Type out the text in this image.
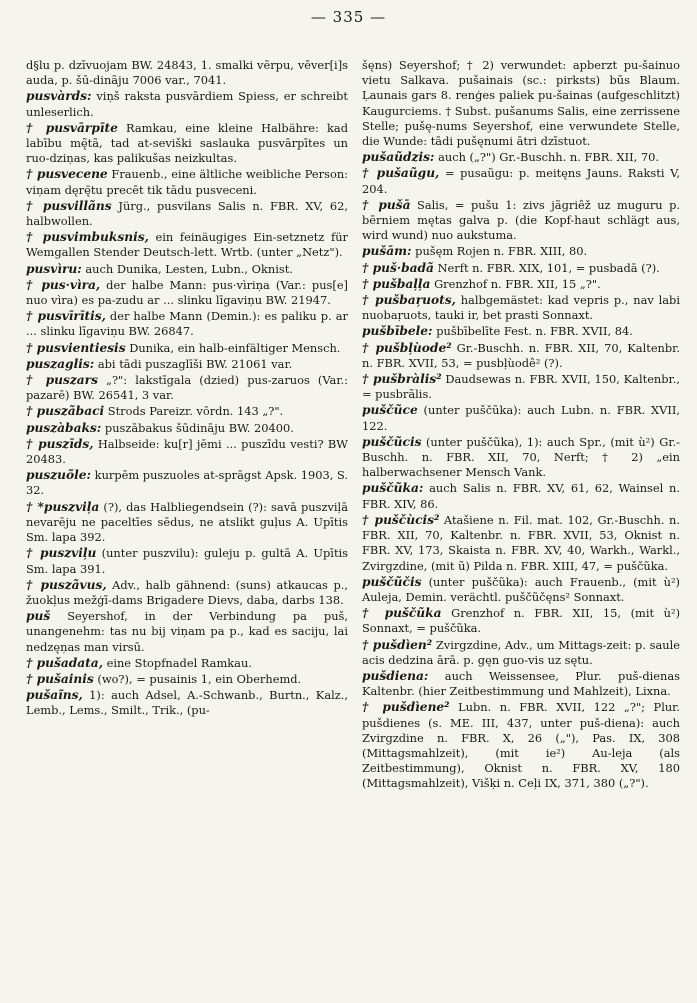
— 335 —

d§lu p. dzīvuojam BW. 24843, 1. smalki vērpu, vēver[i]s auda, p. šū-dinãju 7006 var., 7041.

pusvàrds: viņš raksta pusvārdiem Spiess, er schreibt unleserlich.

† pusvārpīte Ramkau, eine kleine Halbähre: kad labību mę̃tã, tad at-seviški saslauka pusvārpītes un ruo-dziņas, kas palikušas neizkultas.

† pusvecene Frauenb., eine ältliche weibliche Person: viņam dęrę̄tu precēt tik tādu pusveceni.

† pusvillãns Jürg., pusvilans Salis n. FBR. XV, 62, halbwollen.

† pusvimbuksnis, ein feinäugiges Ein-setznetz für Wemgallen Stender Deutsch-lett. Wrtb. (unter „Netz").

pusvìru: auch Dunika, Lesten, Lubn., Oknist.

† pus·vìra, der halbe Mann: pus·vìriņa (Var.: pus[e] nuo vìra) es pa-zudu ar ... slinku līgaviņu BW. 21947.

† pusvīrītis, der halbe Mann (Demin.): es paliku p. ar ... slinku līgaviņu BW. 26847.

† pusvientiesis Dunika, ein halb-einfältiger Mensch.

puszaglis: abi tādi puszaglīši BW. 21061 var.

† puszars „?": lakstīgala (dzied) pus-zaruos (Var.: pazarē) BW. 26541, 3 var.

† puszãbaci Strods Pareizr. vōrdn. 143 „?".

puszàbaks: puszābakus šūdināju BW. 20400.

† puszīds, Halbseide: ku[r] jēmi ... puszīdu vesti? BW 20483.

puszuõle: kurpēm puszuoles at-sprāgst Apsk. 1903, S. 32.

† *puszviļa (?), das Halbliegendsein (?): savā puszviļā nevarēju ne paceltīes sēdus, ne atslikt guļus A. Upītis Sm. lapa 392.

† puszviļu (unter puszvilu): guleju p. gultā A. Upītis Sm. lapa 391.

† puszãvus, Adv., halb gähnend: (suns) atkaucas p., žuokļus mežģī-dams Brigadere Dievs, daba, darbs 138.

puš Seyershof, in der Verbindung pa puš, unangenehm: tas nu bij viņam pa p., kad es saciju, lai nedzęņas man virsū.

† pušadata, eine Stopfnadel Ramkau.

† pušainis (wo?), = pusainis 1, ein Oberhemd.

pušaĩns, 1): auch Adsel, A.-Schwanb., Burtn., Kalz., Lemb., Lems., Smilt., Trik., (pu-

šęns) Seyershof; † 2) verwundet: apberzt pu-šainuo vietu Salkava. pušainais (sc.: pirksts) būs Blaum. Ļaunais gars 8. renģes paliek pu-šainas (aufgeschlitzt) Kaugurciems. † Subst. pušanums Salis, eine zerrissene Stelle; pušę-nums Seyershof, eine verwundete Stelle, die Wunde: tādi pušęnumi ātri dzīstuot.

pušaũdzis: auch („?") Gr.-Buschh. n. FBR. XII, 70.

† pušaũgu, = pusaũgu: p. meitęns Jauns. Raksti V, 204.

† pušā Salis, = pušu 1: zivs jãgriêž uz muguru p. bērniem mętas galva p. (die Kopf-haut schlägt aus, wird wund) nuo aukstuma.

pušām: pušęm Rojen n. FBR. XIII, 80.

† puš·badã Nerft n. FBR. XIX, 101, = pusbadā (?).

† pušbaļļa Grenzhof n. FBR. XII, 15 „?".

† pušbaŗuots, halbgemästet: kad vepris p., nav labi nuobaŗuots, tauki ir, bet prasti Sonnaxt.

pušbībele: pušbībelīte Fest. n. FBR. XVII, 84.

† pušbļùode² Gr.-Buschh. n. FBR. XII, 70, Kaltenbr. n. FBR. XVII, 53, = pusbļùodê² (?).

† pušbràlis² Daudsewas n. FBR. XVII, 150, Kaltenbr., = pusbrãlis.

puščũce (unter puščũka): auch Lubn. n. FBR. XVII, 122.

puščũcis (unter puščũka), 1): auch Spr., (mit ù²) Gr.-Buschh. n. FBR. XII, 70, Nerft; † 2) „ein halberwachsener Mensch Vank.

puščũka: auch Salis n. FBR. XV, 61, 62, Wainsel n. FBR. XIV, 86.

† puščùcis² Atašiene n. Fil. mat. 102, Gr.-Buschh. n. FBR. XII, 70, Kaltenbr. n. FBR. XVII, 53, Oknist n. FBR. XV, 173, Skaista n. FBR. XV, 40, Warkh., Warkl., Zvirgzdine, (mit ũ) Pilda n. FBR. XIII, 47, = puščũka.

puščũčis (unter puščũka): auch Frauenb., (mit ù²) Auleja, Demin. verächtl. puščũčęns² Sonnaxt.

† puščũka Grenzhof n. FBR. XII, 15, (mit ù²) Sonnaxt, = puščũka.

† pušdìen² Zvirgzdine, Adv., um Mittags-zeit: p. saule acis dedzina ārā. p. gęn guo-vis uz sętu.

pušdiena: auch Weissensee, Plur. puš-dienas Kaltenbr. (hier Zeitbestimmung und Mahlzeit), Lixna.

† pušdìene² Lubn. n. FBR. XVII, 122 „?"; Plur. pušdienes (s. ME. III, 437, unter puš-diena): auch Zvirgzdine n. FBR. X, 26 („"), Pas. IX, 308 (Mittagsmahlzeit), (mit ie²) Au-leja (als Zeitbestimmung), Oknist n. FBR. XV, 180 (Mittagsmahlzeit), Višķi n. Ceļi IX, 371, 380 („?").
